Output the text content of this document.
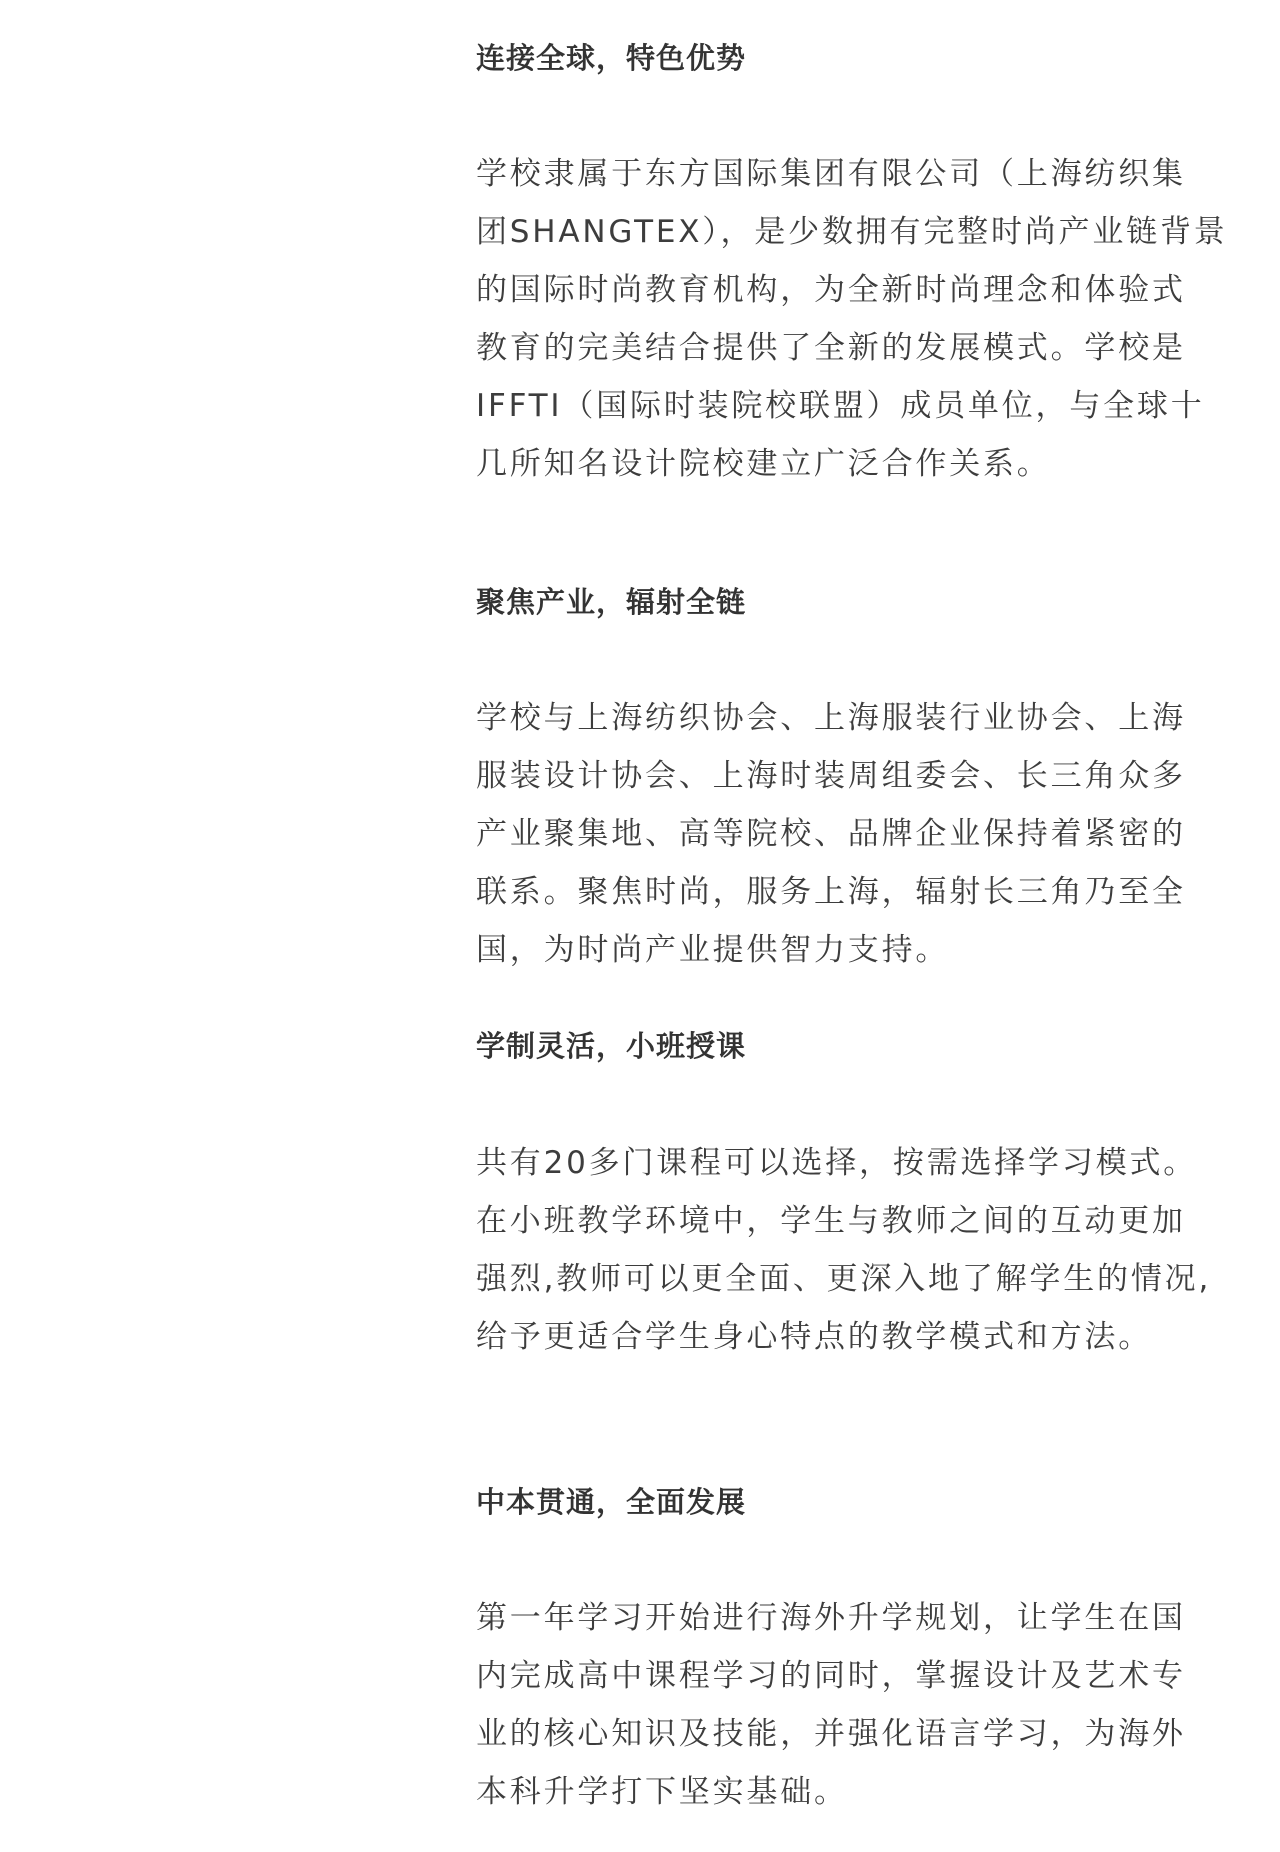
连接全球，特色优势

学校隶属于东方国际集团有限公司（上海纺织集
团SHANGTEX），是少数拥有完整时尚产业链背景
的国际时尚教育机构，为全新时尚理念和体验式
教育的完美结合提供了全新的发展模式。学校是
IFFTI（国际时装院校联盟）成员单位，与全球十
几所知名设计院校建立广泛合作关系。

聚焦产业，辐射全链

学校与上海纺织协会、上海服装行业协会、上海
服装设计协会、上海时装周组委会、长三角众多
产业聚集地、高等院校、品牌企业保持着紧密的
联系。聚焦时尚，服务上海，辐射长三角乃至全
国，为时尚产业提供智力支持。

学制灵活，小班授课

共有20多门课程可以选择，按需选择学习模式。
在小班教学环境中，学生与教师之间的互动更加
强烈,教师可以更全面、更深入地了解学生的情况,
给予更适合学生身心特点的教学模式和方法。

中本贯通，全面发展

第一年学习开始进行海外升学规划，让学生在国
内完成高中课程学习的同时，掌握设计及艺术专
业的核心知识及技能，并强化语言学习，为海外
本科升学打下坚实基础。
